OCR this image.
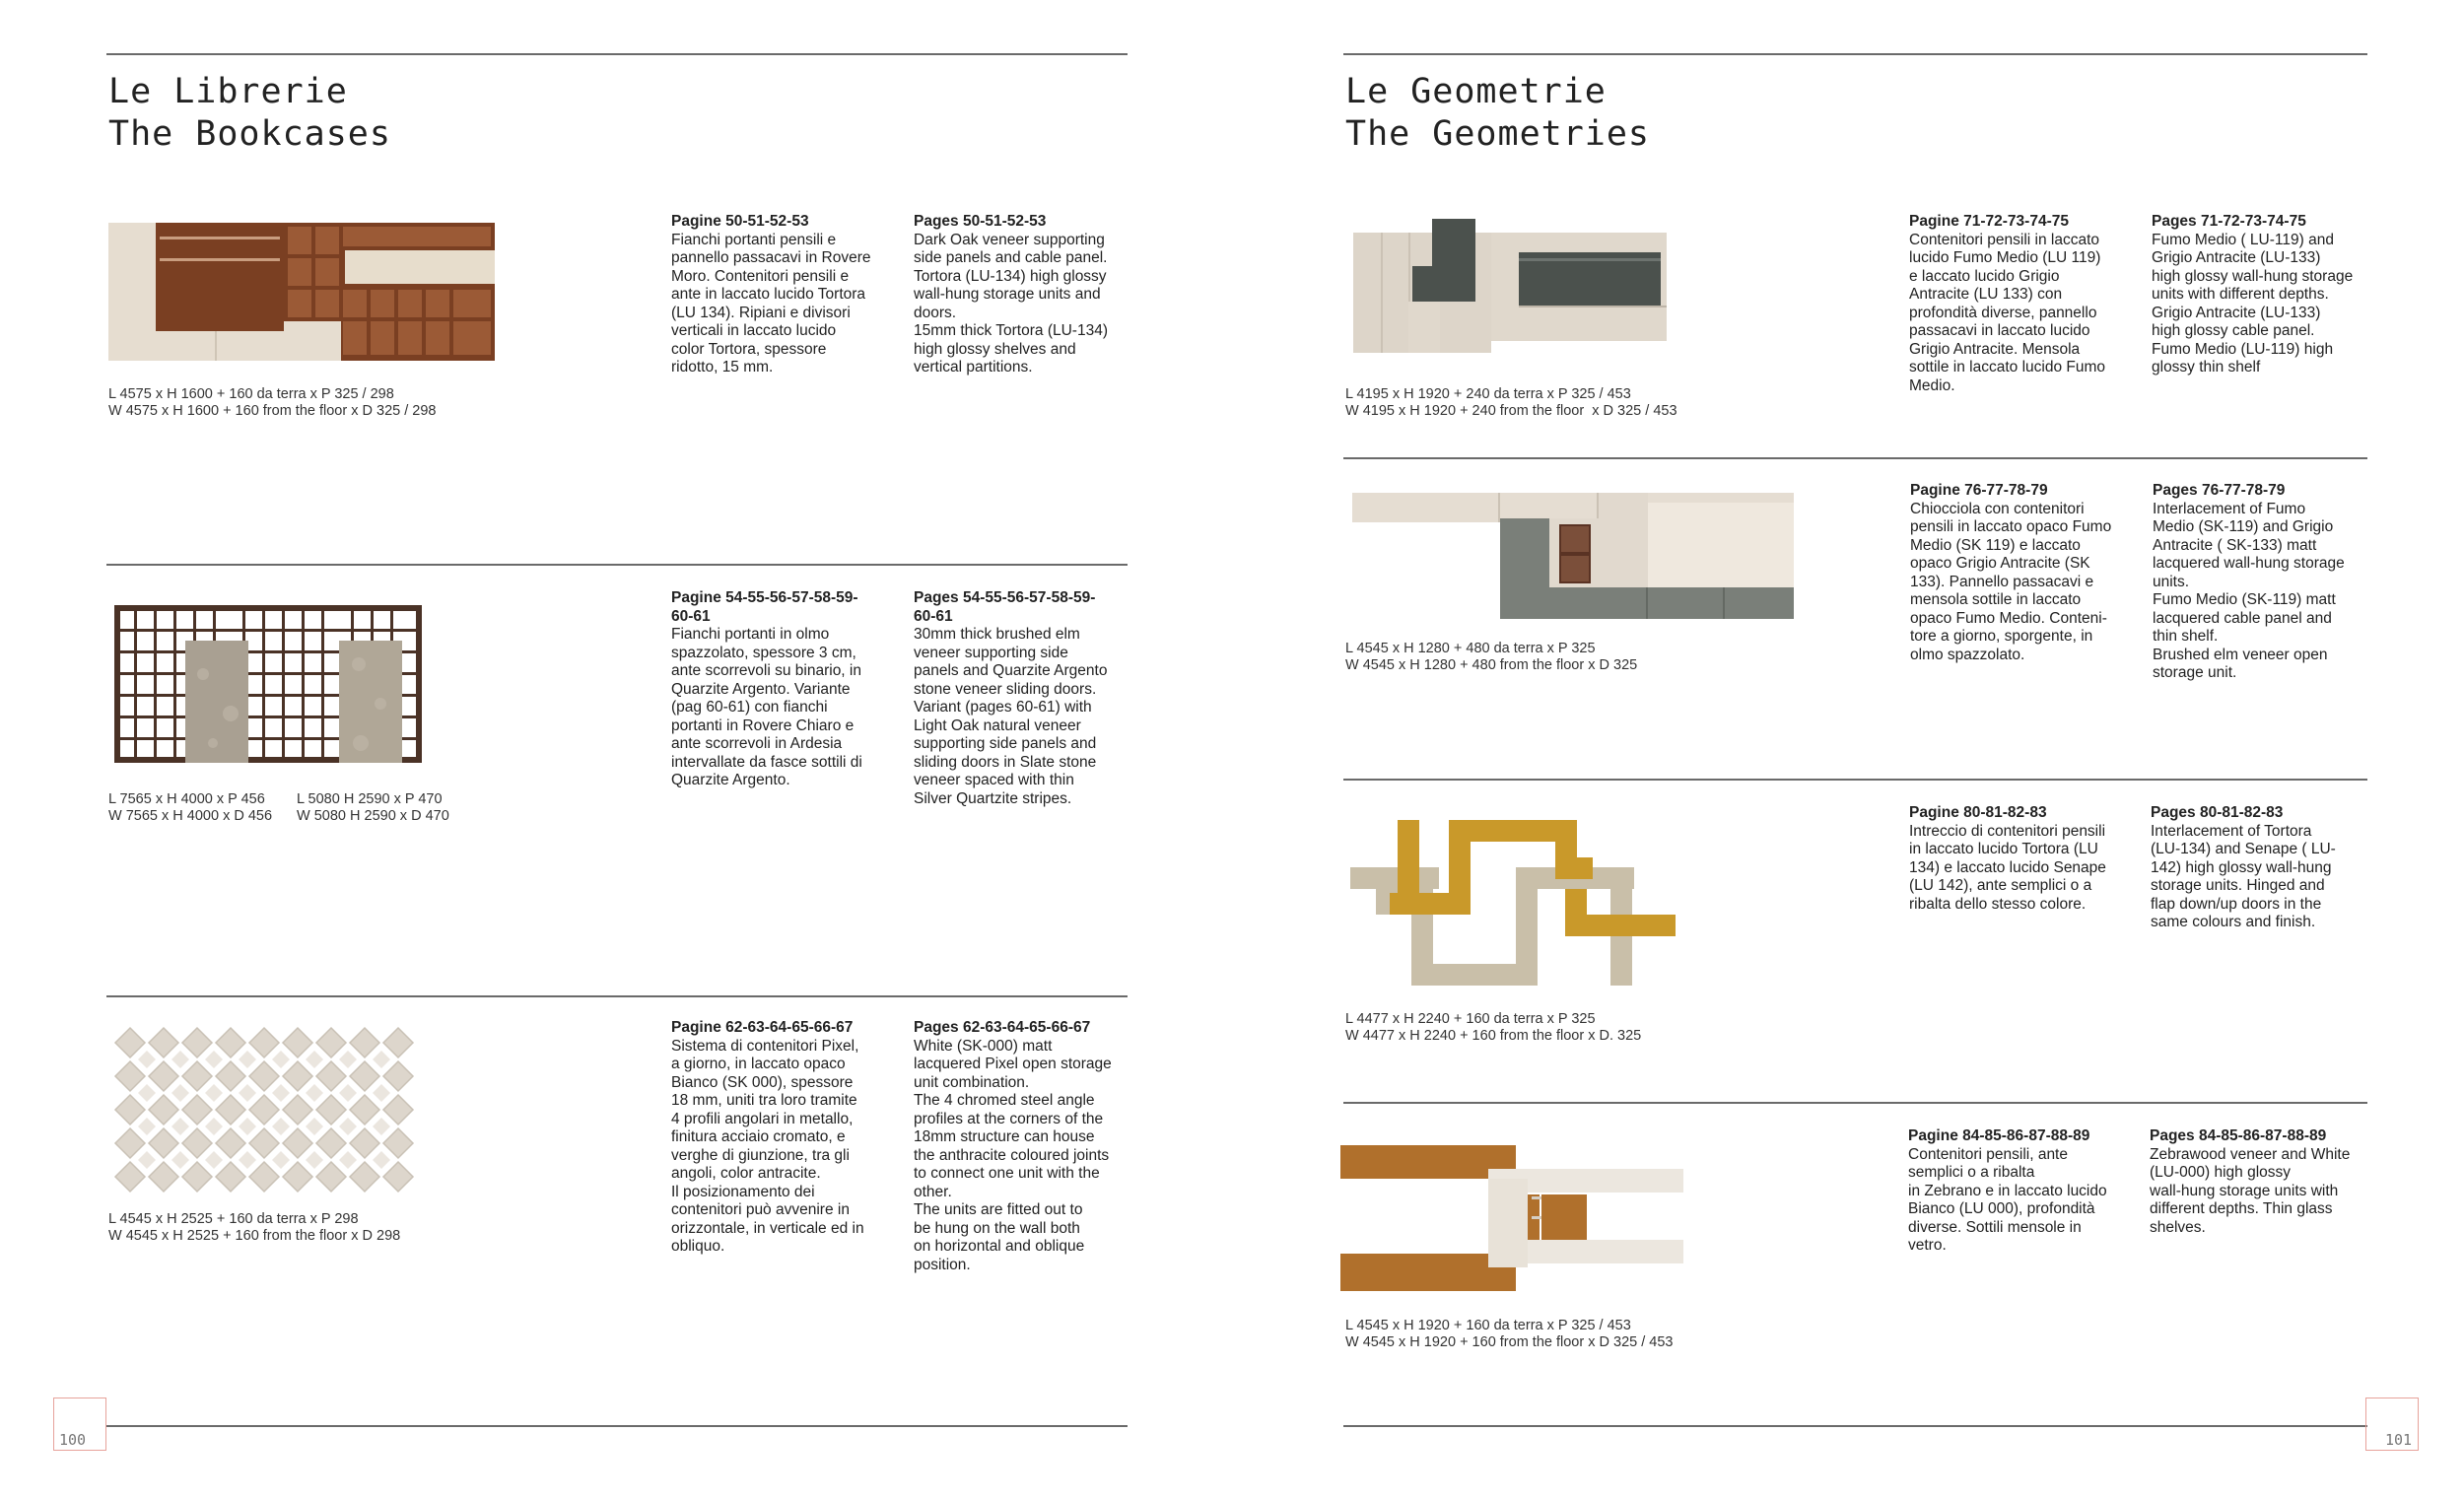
Le Librerie
The Bookcases
L 4575 x H 1600 + 160 da terra x P 325 / 298
W 4575 x H 1600 + 160 from the floor x D 325 / 298
Pagine 50-51-52-53
Fianchi portanti pensili e
pannello passacavi in Rovere
Moro. Contenitori pensili e
ante in laccato lucido Tortora
(LU 134). Ripiani e divisori
verticali in laccato lucido
color Tortora, spessore
ridotto, 15 mm.
Pages 50-51-52-53
Dark Oak veneer supporting
side panels and cable panel.
Tortora (LU-134) high glossy
wall-hung storage units and
doors.
15mm thick Tortora (LU-134)
high glossy shelves and
vertical partitions.
L 7565 x H 4000 x P 456
W 7565 x H 4000 x D 456
L 5080 H 2590 x P 470
W 5080 H 2590 x D 470
Pagine 54-55-56-57-58-59-
60-61
Fianchi portanti in olmo
spazzolato, spessore 3 cm,
ante scorrevoli su binario, in
Quarzite Argento. Variante
(pag 60-61) con fianchi
portanti in Rovere Chiaro e
ante scorrevoli in Ardesia
intervallate da fasce sottili di
Quarzite Argento.
Pages 54-55-56-57-58-59-
60-61
30mm thick brushed elm
veneer supporting side
panels and Quarzite Argento
stone veneer sliding doors.
Variant (pages 60-61) with
Light Oak natural veneer
supporting side panels and
sliding doors in Slate stone
veneer spaced with thin
Silver Quartzite stripes.
L 4545 x H 2525 + 160 da terra x P 298
W 4545 x H 2525 + 160 from the floor x D 298
Pagine 62-63-64-65-66-67
Sistema di contenitori Pixel,
a giorno, in laccato opaco
Bianco (SK 000), spessore
18 mm, uniti tra loro tramite
4 profili angolari in metallo,
finitura acciaio cromato, e
verghe di giunzione, tra gli
angoli, color antracite.
Il posizionamento dei
contenitori può avvenire in
orizzontale, in verticale ed in
obliquo.
Pages 62-63-64-65-66-67
White (SK-000) matt
lacquered Pixel open storage
unit combination.
The 4 chromed steel angle
profiles at the corners of the
18mm structure can house
the anthracite coloured joints
to connect one unit with the
other.
The units are fitted out to
be hung on the wall both
on horizontal and oblique
position.
100
Le Geometrie
The Geometries
L 4195 x H 1920 + 240 da terra x P 325 / 453
W 4195 x H 1920 + 240 from the floor  x D 325 / 453
Pagine 71-72-73-74-75
Contenitori pensili in laccato
lucido Fumo Medio (LU 119)
e laccato lucido Grigio
Antracite (LU 133) con
profondità diverse, pannello
passacavi in laccato lucido
Grigio Antracite. Mensola
sottile in laccato lucido Fumo
Medio.
Pages 71-72-73-74-75
Fumo Medio ( LU-119) and
Grigio Antracite (LU-133)
high glossy wall-hung storage
units with different depths.
Grigio Antracite (LU-133)
high glossy cable panel.
Fumo Medio (LU-119) high
glossy thin shelf
L 4545 x H 1280 + 480 da terra x P 325
W 4545 x H 1280 + 480 from the floor x D 325
Pagine 76-77-78-79
Chiocciola con contenitori
pensili in laccato opaco Fumo
Medio (SK 119) e laccato
opaco Grigio Antracite (SK
133). Pannello passacavi e
mensola sottile in laccato
opaco Fumo Medio. Conteni-
tore a giorno, sporgente, in
olmo spazzolato.
Pages 76-77-78-79
Interlacement of Fumo
Medio (SK-119) and Grigio
Antracite ( SK-133) matt
lacquered wall-hung storage
units.
Fumo Medio (SK-119) matt
lacquered cable panel and
thin shelf.
Brushed elm veneer open
storage unit.
L 4477 x H 2240 + 160 da terra x P 325
W 4477 x H 2240 + 160 from the floor x D. 325
Pagine 80-81-82-83
Intreccio di contenitori pensili
in laccato lucido Tortora (LU
134) e laccato lucido Senape
(LU 142), ante semplici o a
ribalta dello stesso colore.
Pages 80-81-82-83
Interlacement of Tortora
(LU-134) and Senape ( LU-
142) high glossy wall-hung
storage units. Hinged and
flap down/up doors in the
same colours and finish.
L 4545 x H 1920 + 160 da terra x P 325 / 453
W 4545 x H 1920 + 160 from the floor x D 325 / 453
Pagine 84-85-86-87-88-89
Contenitori pensili, ante
semplici o a ribalta
in Zebrano e in laccato lucido
Bianco (LU 000), profondità
diverse. Sottili mensole in
vetro.
Pages 84-85-86-87-88-89
Zebrawood veneer and White
(LU-000) high glossy
wall-hung storage units with
different depths. Thin glass
shelves.
101
